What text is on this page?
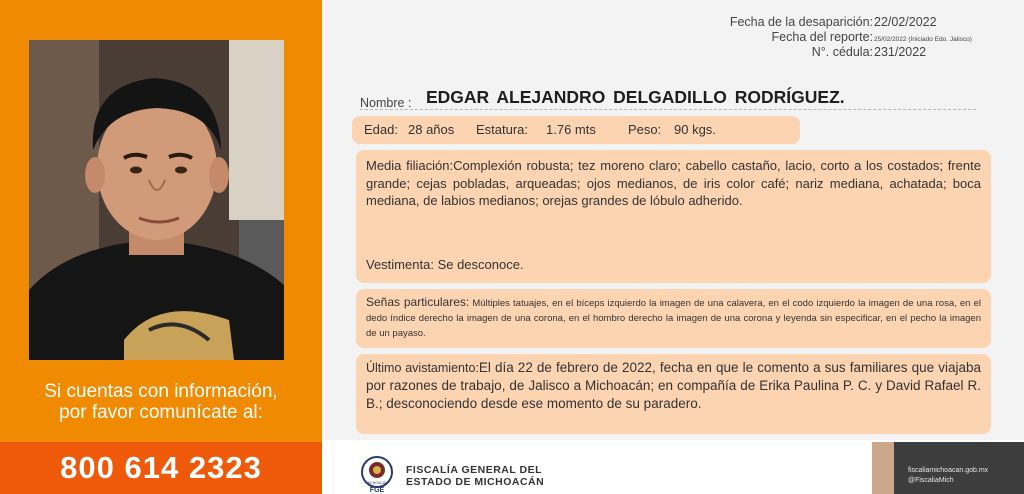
Si cuentas con información,
por favor comunícate al:
800 614 2323
Fecha de la desaparición: 22/02/2022
Fecha del reporte: 25/02/2022 (Iniciado Edo. Jalisco)
N°. cédula: 231/2022
Nombre : EDGAR ALEJANDRO DELGADILLO RODRÍGUEZ.
Edad: 28 años Estatura: 1.76 mts Peso: 90 kgs.
Media filiación:Complexión robusta; tez moreno claro; cabello castaño, lacio, corto a los costados; frente grande; cejas pobladas, arqueadas; ojos medianos, de iris color café; nariz mediana, achatada; boca mediana, de labios medianos; orejas grandes de lóbulo adherido.
Vestimenta: Se desconoce.
Señas particulares: Múltiples tatuajes, en el bíceps izquierdo la imagen de una calavera, en el codo izquierdo la imagen de una rosa, en el dedo índice derecho la imagen de una corona, en el hombro derecho la imagen de una corona y leyenda sin especificar, en el pecho la imagen de un payaso.
Último avistamiento:El día 22 de febrero de 2022, fecha en que le comento a sus familiares que viajaba por razones de trabajo, de Jalisco a Michoacán; en compañía de Erika Paulina P. C. y David Rafael R. B.; desconociendo desde ese momento de su paradero.
MICHOACÁN
FGE
FISCALÍA GENERAL DEL
ESTADO DE MICHOACÁN
fiscaliamichoacan.gob.mx
@FiscaliaMich
